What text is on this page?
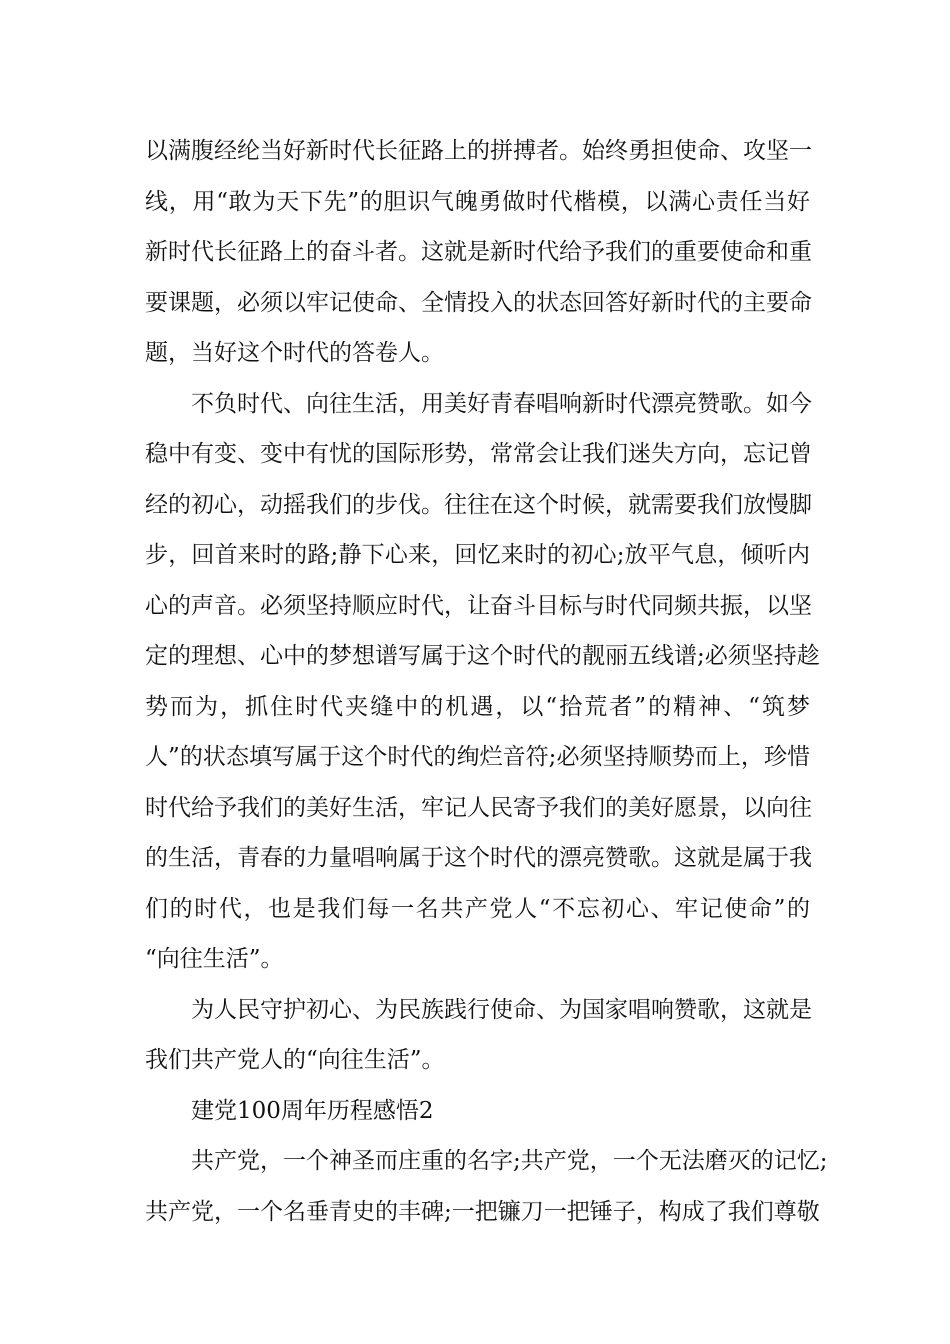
以满腹经纶当好新时代长征路上的拼搏者。始终勇担使命、攻坚一
线，用“敢为天下先”的胆识气魄勇做时代楷模，以满心责任当好
新时代长征路上的奋斗者。这就是新时代给予我们的重要使命和重
要课题，必须以牢记使命、全情投入的状态回答好新时代的主要命
题，当好这个时代的答卷人。
不负时代、向往生活，用美好青春唱响新时代漂亮赞歌。如今
稳中有变、变中有忧的国际形势，常常会让我们迷失方向，忘记曾
经的初心，动摇我们的步伐。往往在这个时候，就需要我们放慢脚
步，回首来时的路;静下心来，回忆来时的初心;放平气息，倾听内
心的声音。必须坚持顺应时代，让奋斗目标与时代同频共振，以坚
定的理想、心中的梦想谱写属于这个时代的靓丽五线谱;必须坚持趁
势而为，抓住时代夹缝中的机遇，以“拾荒者”的精神、“筑梦
人”的状态填写属于这个时代的绚烂音符;必须坚持顺势而上，珍惜
时代给予我们的美好生活，牢记人民寄予我们的美好愿景，以向往
的生活，青春的力量唱响属于这个时代的漂亮赞歌。这就是属于我
们的时代，也是我们每一名共产党人“不忘初心、牢记使命”的
“向往生活”。
为人民守护初心、为民族践行使命、为国家唱响赞歌，这就是
我们共产党人的“向往生活”。
建党100周年历程感悟2
共产党，一个神圣而庄重的名字;共产党，一个无法磨灭的记忆;
共产党，一个名垂青史的丰碑;一把镰刀一把锤子，构成了我们尊敬
